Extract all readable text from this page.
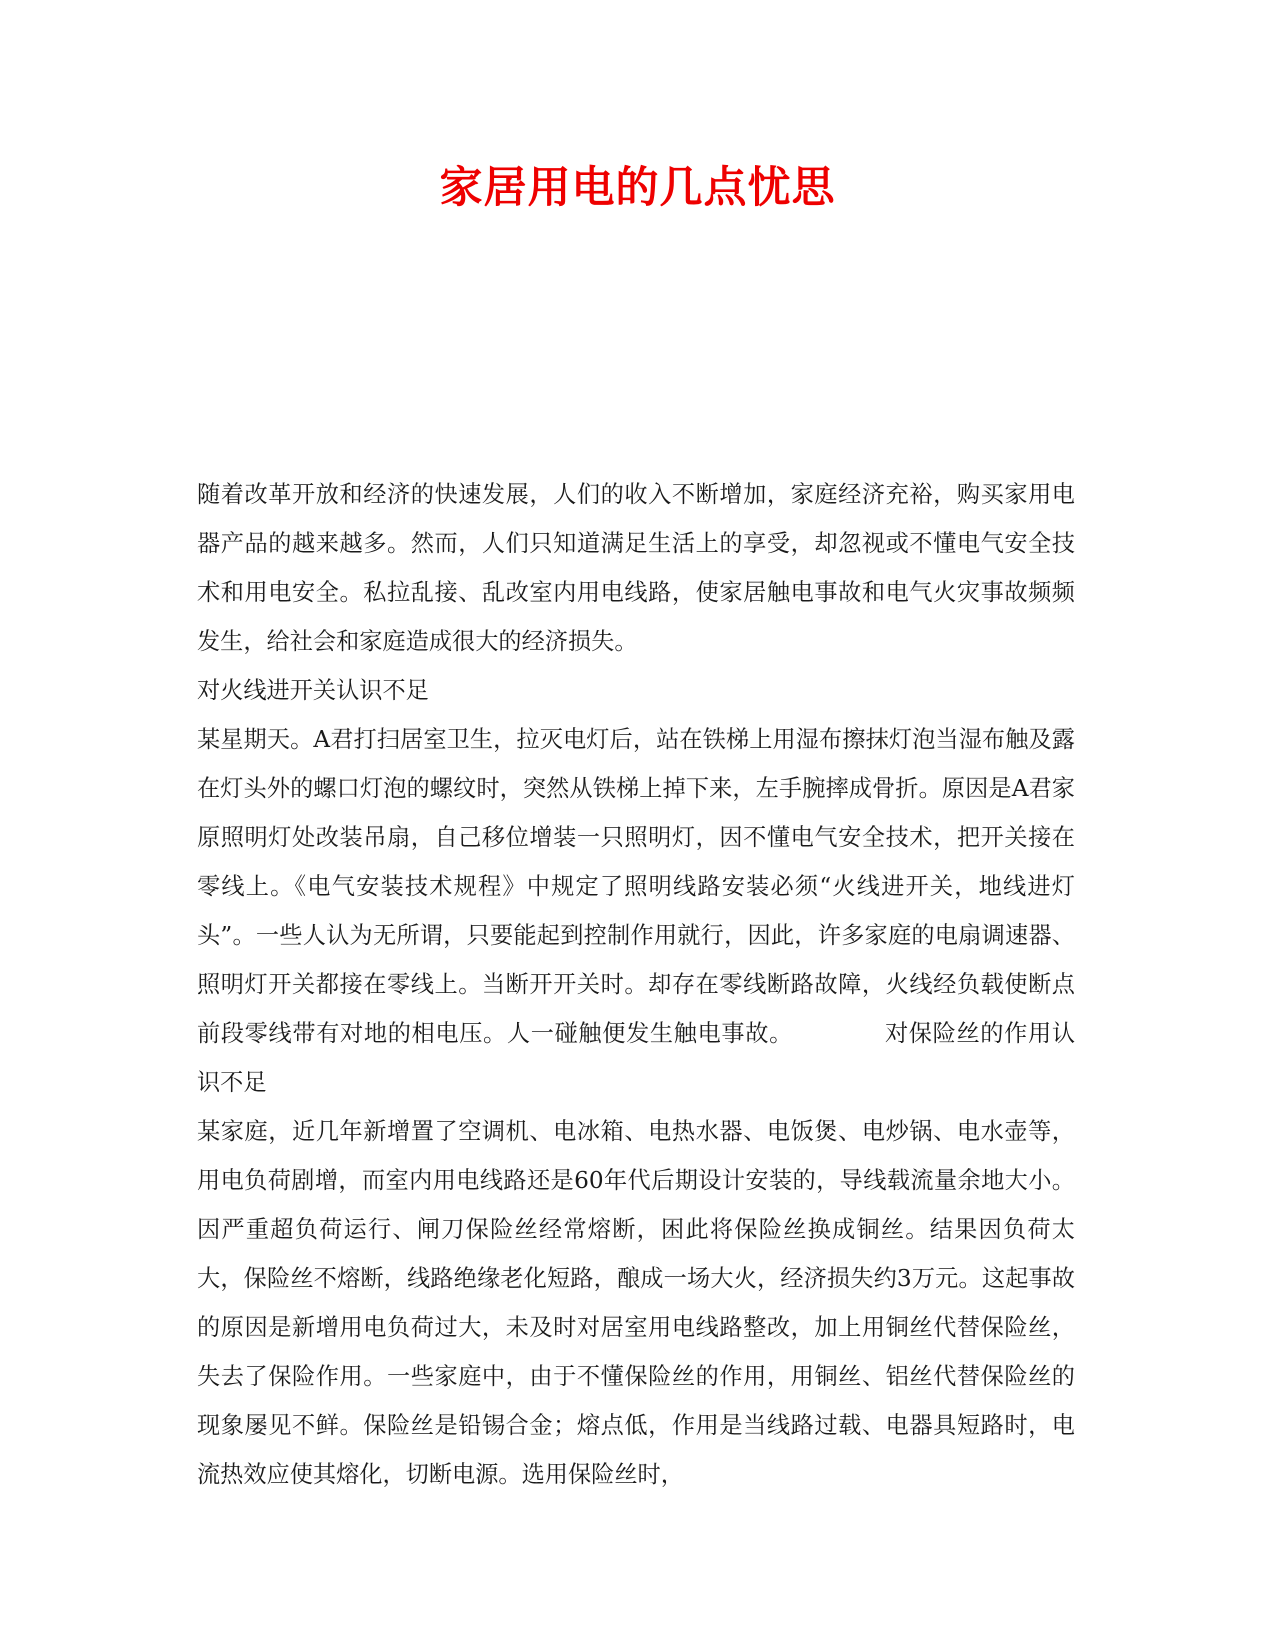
家居用电的几点忧思

随着改革开放和经济的快速发展，人们的收入不断增加，家庭经济充裕，购买家用电器产品的越来越多。然而，人们只知道满足生活上的享受，却忽视或不懂电气安全技术和用电安全。私拉乱接、乱改室内用电线路，使家居触电事故和电气火灾事故频频发生，给社会和家庭造成很大的经济损失。

对火线进开关认识不足

某星期天。A君打扫居室卫生，拉灭电灯后，站在铁梯上用湿布擦抹灯泡当湿布触及露在灯头外的螺口灯泡的螺纹时，突然从铁梯上掉下来，左手腕摔成骨折。原因是A君家原照明灯处改装吊扇，自己移位增装一只照明灯，因不懂电气安全技术，把开关接在零线上。《电气安装技术规程》中规定了照明线路安装必须“火线进开关，地线进灯头”。一些人认为无所谓，只要能起到控制作用就行，因此，许多家庭的电扇调速器、照明灯开关都接在零线上。当断开开关时。却存在零线断路故障，火线经负载使断点前段零线带有对地的相电压。人一碰触便发生触电事故。	对保险丝的作用认识不足

某家庭，近几年新增置了空调机、电冰箱、电热水器、电饭煲、电炒锅、电水壶等，用电负荷剧增，而室内用电线路还是60年代后期设计安装的，导线载流量余地大小。因严重超负荷运行、闸刀保险丝经常熔断，困此将保险丝换成铜丝。结果因负荷太大，保险丝不熔断，线路绝缘老化短路，酿成一场大火，经济损失约3万元。这起事故的原因是新增用电负荷过大，未及时对居室用电线路整改，加上用铜丝代替保险丝，失去了保险作用。一些家庭中，由于不懂保险丝的作用，用铜丝、铝丝代替保险丝的现象屡见不鲜。保险丝是铅锡合金；熔点低，作用是当线路过载、电器具短路时，电流热效应使其熔化，切断电源。选用保险丝时，
